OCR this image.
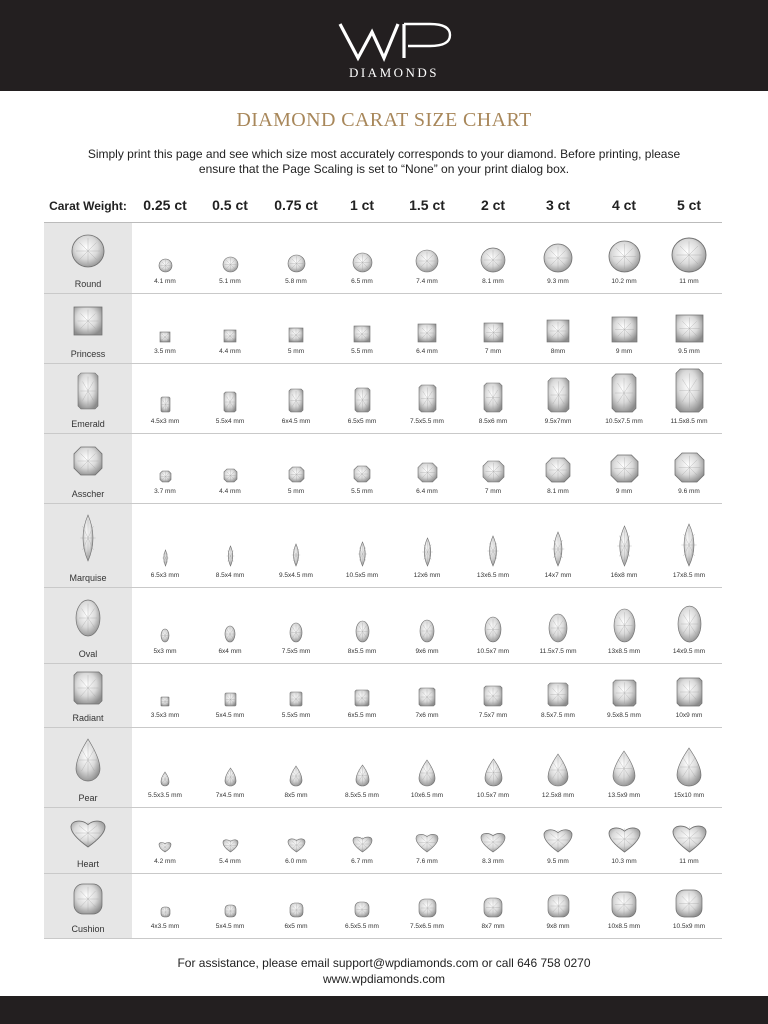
DIAMONDS
DIAMOND CARAT SIZE CHART
Simply print this page and see which size most accurately corresponds to your diamond. Before printing, please
ensure that the Page Scaling is set to “None” on your print dialog box.
Carat Weight:	0.25 ct	0.5 ct	0.75 ct	1 ct	1.5 ct	2 ct	3 ct	4 ct	5 ct
Round	4.1 mm	5.1 mm	5.8 mm	6.5 mm	7.4 mm	8.1 mm	9.3 mm	10.2 mm	11 mm
Princess	3.5 mm	4.4 mm	5 mm	5.5 mm	6.4 mm	7 mm	8mm	9 mm	9.5 mm
Emerald	4.5x3 mm	5.5x4 mm	6x4.5 mm	6.5x5 mm	7.5x5.5 mm	8.5x6 mm	9.5x7mm	10.5x7.5 mm	11.5x8.5 mm
Asscher	3.7 mm	4.4 mm	5 mm	5.5 mm	6.4 mm	7 mm	8.1 mm	9 mm	9.6 mm
Marquise	6.5x3 mm	8.5x4 mm	9.5x4.5 mm	10.5x5 mm	12x6 mm	13x6.5 mm	14x7 mm	16x8 mm	17x8.5 mm
Oval	5x3 mm	6x4 mm	7.5x5 mm	8x5.5 mm	9x6 mm	10.5x7 mm	11.5x7.5 mm	13x8.5 mm	14x9.5 mm
Radiant	3.5x3 mm	5x4.5 mm	5.5x5 mm	6x5.5 mm	7x6 mm	7.5x7 mm	8.5x7.5 mm	9.5x8.5 mm	10x9 mm
Pear	5.5x3.5 mm	7x4.5 mm	8x5 mm	8.5x5.5 mm	10x6.5 mm	10.5x7 mm	12.5x8 mm	13.5x9 mm	15x10 mm
Heart	4.2 mm	5.4 mm	6.0 mm	6.7 mm	7.6 mm	8.3 mm	9.5 mm	10.3 mm	11 mm
Cushion	4x3.5 mm	5x4.5 mm	6x5 mm	6.5x5.5 mm	7.5x6.5 mm	8x7 mm	9x8 mm	10x8.5 mm	10.5x9 mm
For assistance, please email support@wpdiamonds.com or call 646 758 0270
www.wpdiamonds.com
